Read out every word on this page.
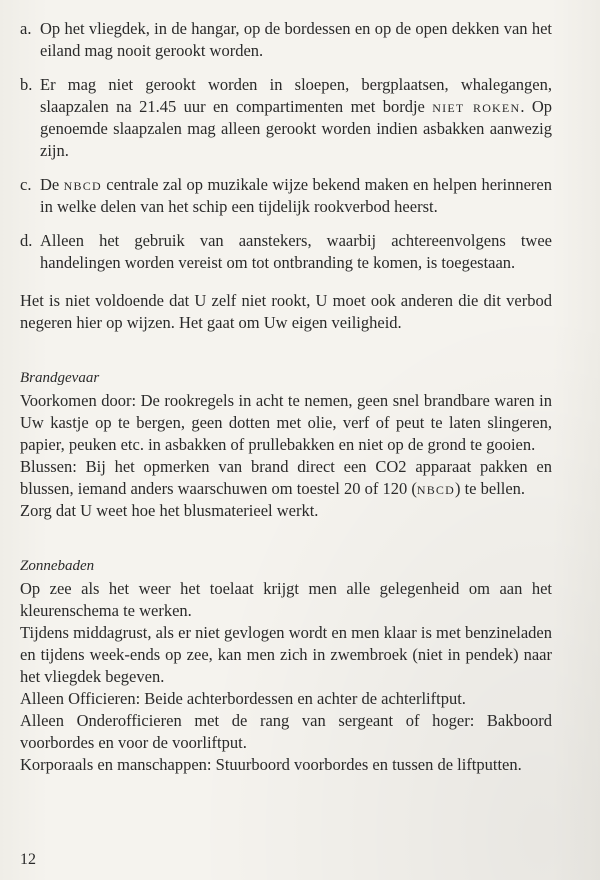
a. Op het vliegdek, in de hangar, op de bordessen en op de open dekken van het eiland mag nooit gerookt worden.
b. Er mag niet gerookt worden in sloepen, bergplaatsen, whalegangen, slaapzalen na 21.45 uur en compartimenten met bordje niet roken. Op genoemde slaapzalen mag alleen gerookt worden indien asbakken aanwezig zijn.
c. De nbcd centrale zal op muzikale wijze bekend maken en helpen herinneren in welke delen van het schip een tijdelijk rookverbod heerst.
d. Alleen het gebruik van aanstekers, waarbij achtereenvolgens twee handelingen worden vereist om tot ontbranding te komen, is toegestaan.

Het is niet voldoende dat U zelf niet rookt, U moet ook anderen die dit verbod negeren hier op wijzen. Het gaat om Uw eigen veiligheid.

Brandgevaar

Voorkomen door: De rookregels in acht te nemen, geen snel brandbare waren in Uw kastje op te bergen, geen dotten met olie, verf of peut te laten slingeren, papier, peuken etc. in asbakken of prullebakken en niet op de grond te gooien.

Blussen: Bij het opmerken van brand direct een CO2 apparaat pakken en blussen, iemand anders waarschuwen om toestel 20 of 120 (nbcd) te bellen.

Zorg dat U weet hoe het blusmaterieel werkt.

Zonnebaden

Op zee als het weer het toelaat krijgt men alle gelegenheid om aan het kleurenschema te werken.

Tijdens middagrust, als er niet gevlogen wordt en men klaar is met benzineladen en tijdens week-ends op zee, kan men zich in zwembroek (niet in pendek) naar het vliegdek begeven.

Alleen Officieren: Beide achterbordessen en achter de achterliftput.

Alleen Onderofficieren met de rang van sergeant of hoger: Bakboord voorbordes en voor de voorliftput.

Korporaals en manschappen: Stuurboord voorbordes en tussen de liftputten.

12
